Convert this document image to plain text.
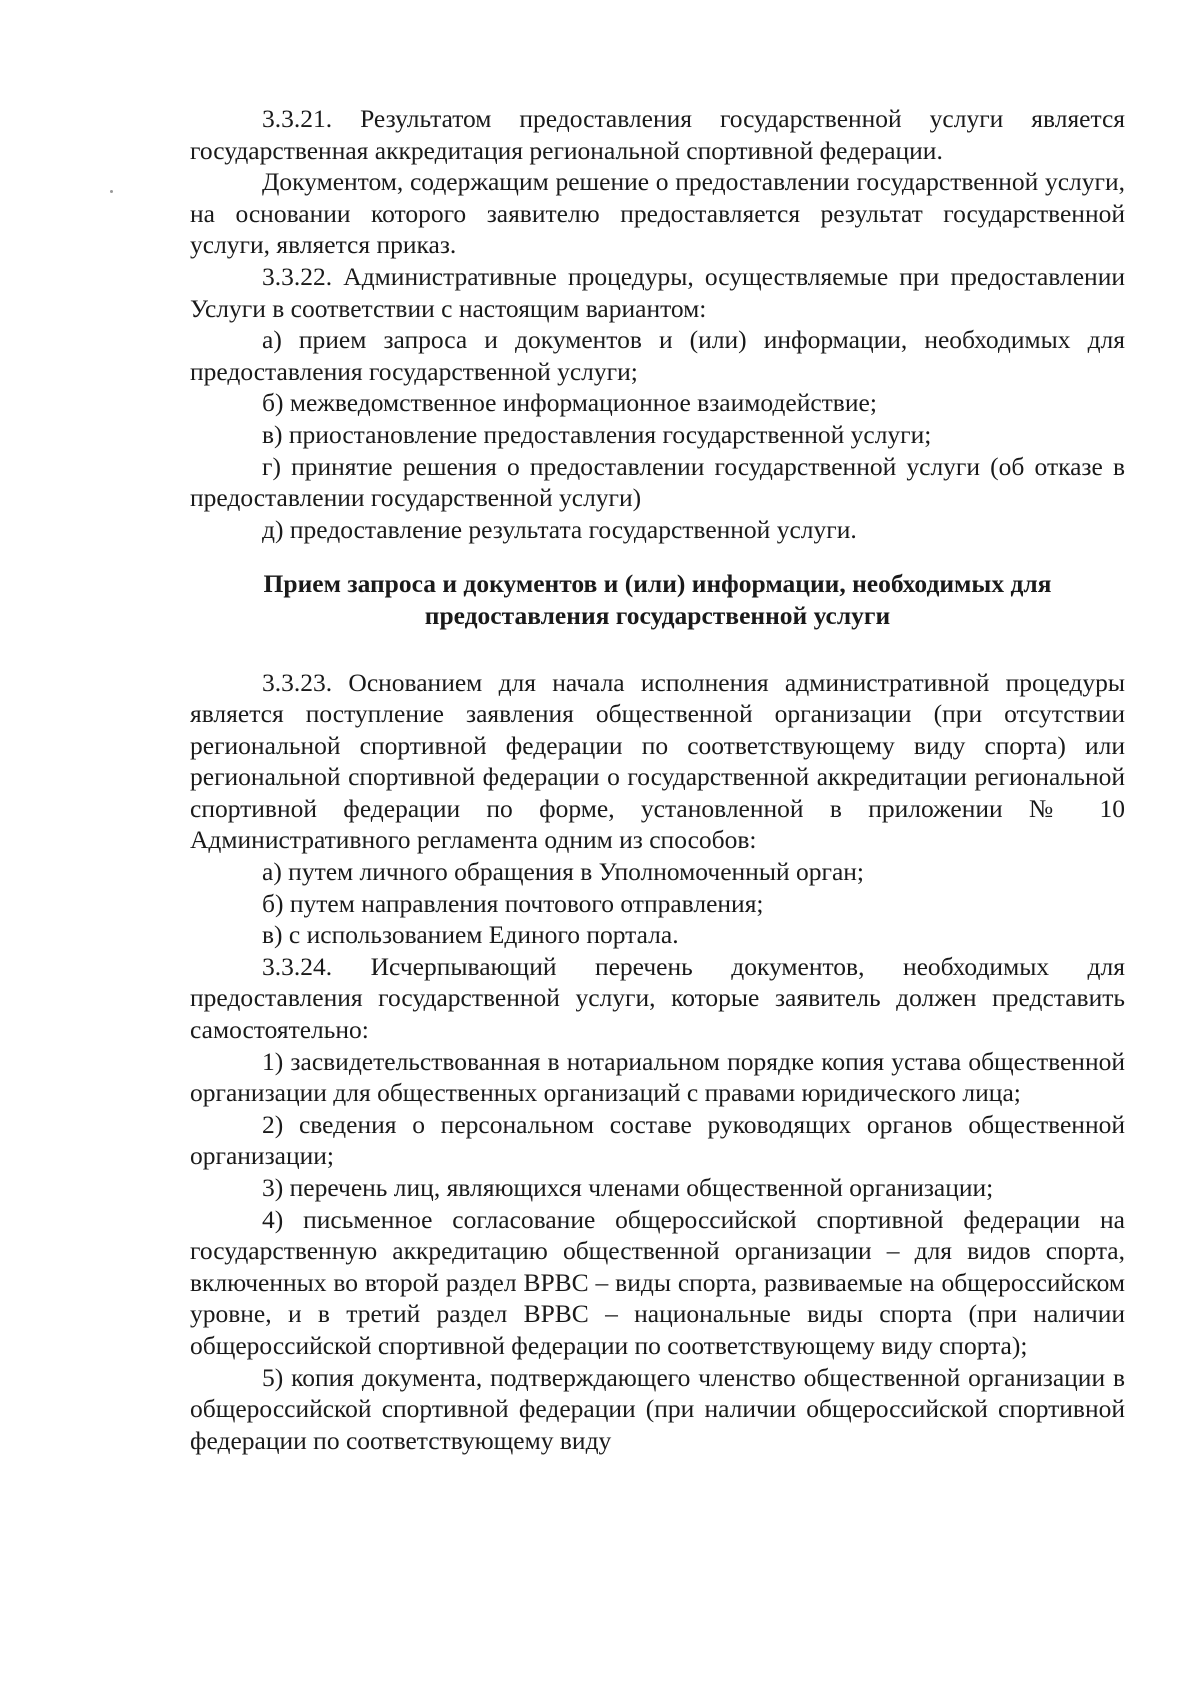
3.3.21. Результатом предоставления государственной услуги является государственная аккредитация региональной спортивной федерации.

Документом, содержащим решение о предоставлении государственной услуги, на основании которого заявителю предоставляется результат государственной услуги, является приказ.

3.3.22. Административные процедуры, осуществляемые при предоставлении Услуги в соответствии с настоящим вариантом:

а) прием запроса и документов и (или) информации, необходимых для предоставления государственной услуги;

б) межведомственное информационное взаимодействие;

в) приостановление предоставления государственной услуги;

г) принятие решения о предоставлении государственной услуги (об отказе в предоставлении государственной услуги)

д) предоставление результата государственной услуги.

Прием запроса и документов и (или) информации, необходимых для предоставления государственной услуги

3.3.23. Основанием для начала исполнения административной процедуры является поступление заявления общественной организации (при отсутствии региональной спортивной федерации по соответствующему виду спорта) или региональной спортивной федерации о государственной аккредитации региональной спортивной федерации по форме, установленной в приложении № 10 Административного регламента одним из способов:

а) путем личного обращения в Уполномоченный орган;

б) путем направления почтового отправления;

в) с использованием Единого портала.

3.3.24. Исчерпывающий перечень документов, необходимых для предоставления государственной услуги, которые заявитель должен представить самостоятельно:

1) засвидетельствованная в нотариальном порядке копия устава общественной организации для общественных организаций с правами юридического лица;

2) сведения о персональном составе руководящих органов общественной организации;

3) перечень лиц, являющихся членами общественной организации;

4) письменное согласование общероссийской спортивной федерации на государственную аккредитацию общественной организации – для видов спорта, включенных во второй раздел ВРВС – виды спорта, развиваемые на общероссийском уровне, и в третий раздел ВРВС – национальные виды спорта (при наличии общероссийской спортивной федерации по соответствующему виду спорта);

5) копия документа, подтверждающего членство общественной организации в общероссийской спортивной федерации (при наличии общероссийской спортивной федерации по соответствующему виду
